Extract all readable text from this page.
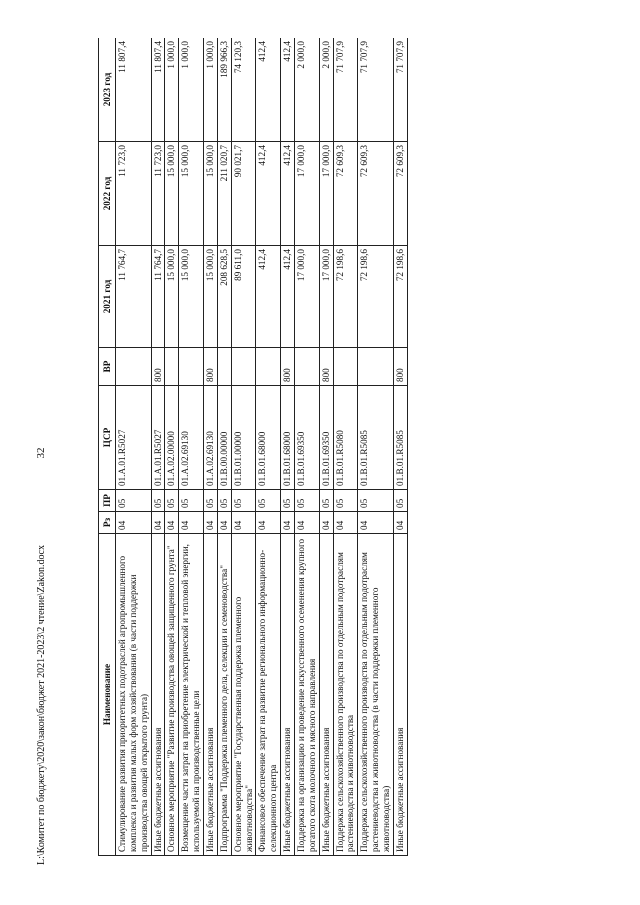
32
Наименование	Рз	ПР	ЦСР	ВР	2021 год	2022 год	2023 год
Стимулирование развития приоритетных подотраслей агропромышленного комплекса и развития малых форм хозяйствования (в части поддержки производства овощей открытого грунта)	04	05	01.А.01.R5027		11 764,7	11 723,0	11 807,4
Иные бюджетные ассигнования	04	05	01.А.01.R5027	800	11 764,7	11 723,0	11 807,4
Основное мероприятие "Развитие производства овощей защищенного грунта"	04	05	01.А.02.00000		15 000,0	15 000,0	1 000,0
Возмещение части затрат на приобретение электрической и тепловой энергии, используемой на производственные цели	04	05	01.А.02.69130		15 000,0	15 000,0	1 000,0
Иные бюджетные ассигнования	04	05	01.А.02.69130	800	15 000,0	15 000,0	1 000,0
Подпрограмма "Поддержка племенного дела, селекции и семеноводства"	04	05	01.В.00.00000		208 628,5	211 020,7	189 966,3
Основное мероприятие "Государственная поддержка племенного животноводства"	04	05	01.В.01.00000		89 611,0	90 021,7	74 120,3
Финансовое обеспечение затрат на развитие регионального информационно-селекционного центра	04	05	01.В.01.68000		412,4	412,4	412,4
Иные бюджетные ассигнования	04	05	01.В.01.68000	800	412,4	412,4	412,4
Поддержка на организацию и проведение искусственного осеменения крупного рогатого скота молочного и мясного направления	04	05	01.В.01.69350		17 000,0	17 000,0	2 000,0
Иные бюджетные ассигнования	04	05	01.В.01.69350	800	17 000,0	17 000,0	2 000,0
Поддержка сельскохозяйственного производства по отдельным подотраслям растениеводства и животноводства	04	05	01.В.01.R5080		72 198,6	72 609,3	71 707,9
Поддержка сельскохозяйственного производства по отдельным подотраслям растениеводства и животноводства (в части поддержки племенного животноводства)	04	05	01.В.01.R5085		72 198,6	72 609,3	71 707,9
Иные бюджетные ассигнования	04	05	01.В.01.R5085	800	72 198,6	72 609,3	71 707,9
L:\Комитет по бюджету\2020\закон\бюджет 2021-2023\2 чтение\Zakon.docx
